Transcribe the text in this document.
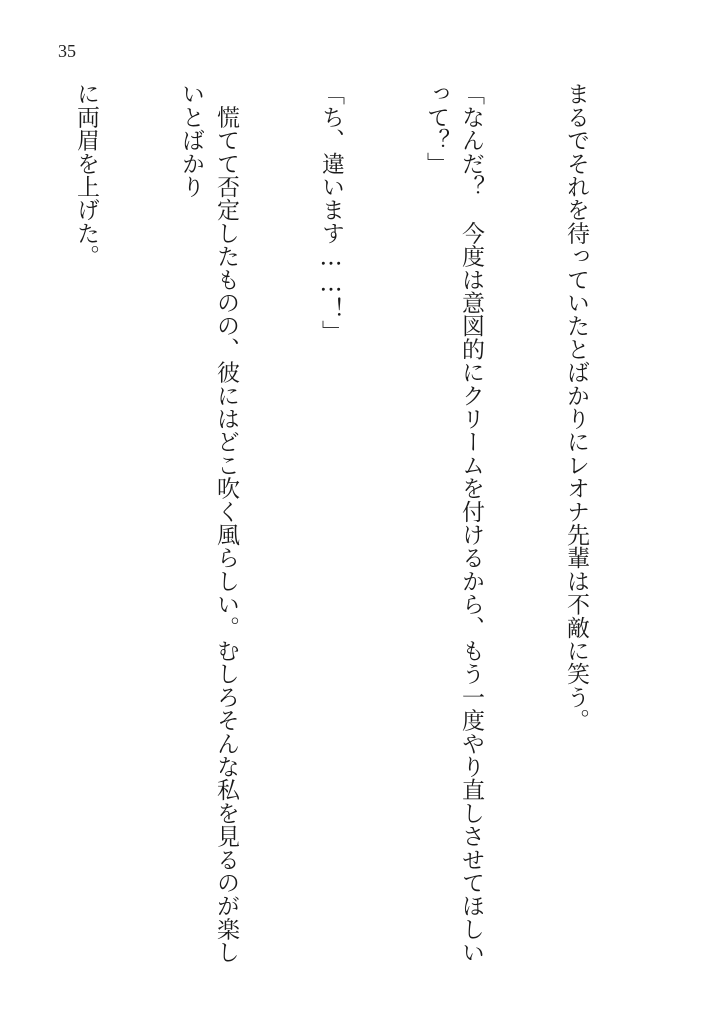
35

まるでそれを待っていたとばかりにレオナ先輩は不敵に笑う。

「なんだ？　今度は意図的にクリームを付けるから、もう一度やり直しさせてほしいって？」

「ち、違います……！」

　慌てて否定したものの、彼にはどこ吹く風らしい。むしろそんな私を見るのが楽しいとばかり

に両眉を上げた。
